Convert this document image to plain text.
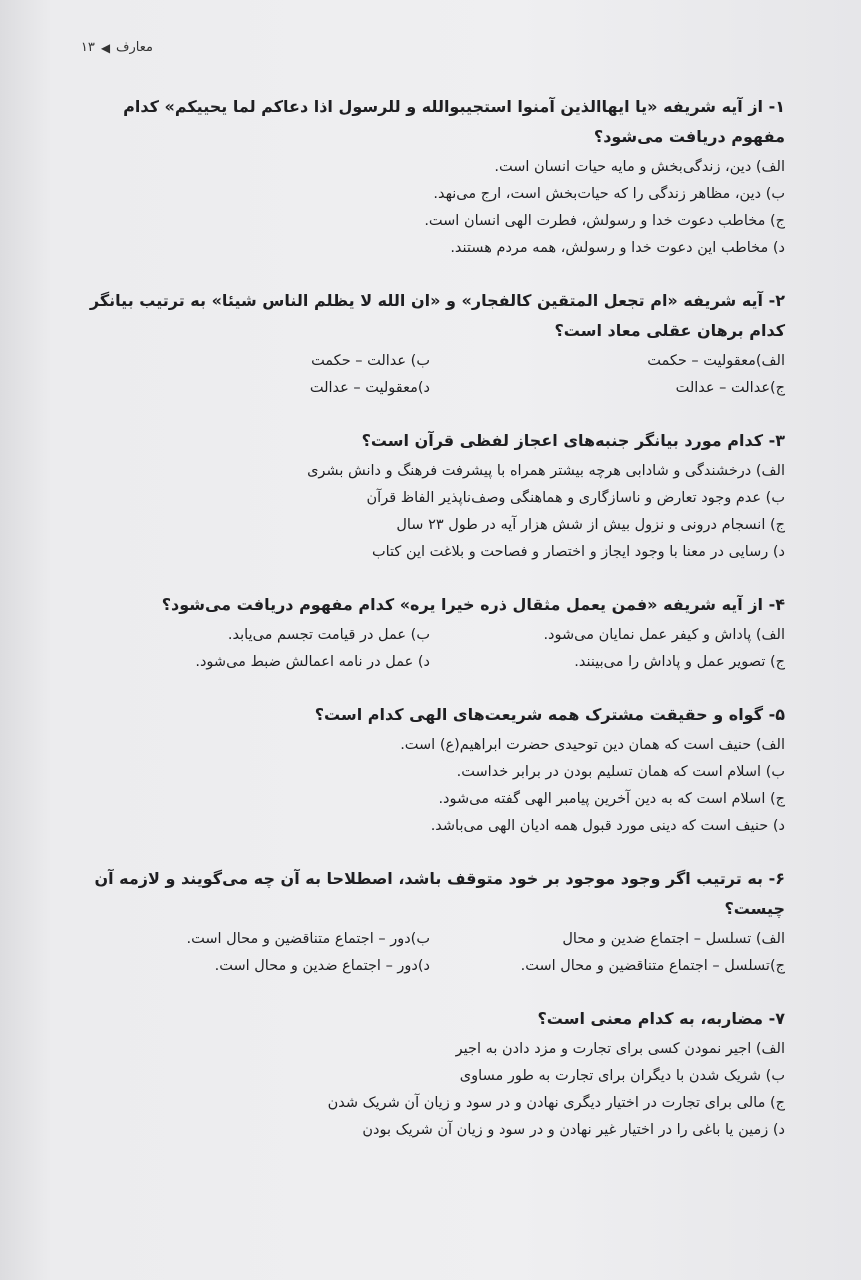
معارف
◀
۱۳

۱- از آیه شریفه «یا ایهاالذین آمنوا استجیبوالله و للرسول اذا دعاکم لما یحییکم» کدام مفهوم دریافت می‌شود؟

الف) دین، زندگی‌بخش و مایه حیات انسان است.

ب) دین، مظاهر زندگی را که حیات‌بخش است، ارج می‌نهد.

ج) مخاطب دعوت خدا و رسولش، فطرت الهی انسان است.

د) مخاطب این دعوت خدا و رسولش، همه مردم هستند.

۲- آیه شریفه «ام تجعل المتقین کالفجار» و «ان الله لا یظلم الناس شیئا» به ترتیب بیانگر کدام برهان عقلی معاد است؟

الف)معقولیت – حکمت

ب) عدالت – حکمت

ج)عدالت – عدالت

د)معقولیت – عدالت

۳- کدام مورد بیانگر جنبه‌های اعجاز لفظی قرآن است؟

الف) درخشندگی و شادابی هرچه بیشتر همراه با پیشرفت فرهنگ و دانش بشری

ب) عدم وجود تعارض و ناسازگاری و هماهنگی وصف‌ناپذیر الفاظ قرآن

ج) انسجام درونی و نزول بیش از شش هزار آیه در طول ۲۳ سال

د) رسایی در معنا با وجود ایجاز و اختصار و فصاحت و بلاغت این کتاب

۴- از آیه شریفه «فمن یعمل مثقال ذره خیرا یره» کدام مفهوم دریافت می‌شود؟

الف) پاداش و کیفر عمل نمایان می‌شود.

ب) عمل در قیامت تجسم می‌یابد.

ج) تصویر عمل و پاداش را می‌بینند.

د) عمل در نامه اعمالش ضبط می‌شود.

۵- گواه و حقیقت مشترک همه شریعت‌های الهی کدام است؟

الف) حنیف است که همان دین توحیدی حضرت ابراهیم(ع) است.

ب) اسلام است که همان تسلیم بودن در برابر خداست.

ج) اسلام است که به دین آخرین پیامبر الهی گفته می‌شود.

د) حنیف است که دینی مورد قبول همه ادیان الهی می‌باشد.

۶- به ترتیب اگر وجود موجود بر خود متوقف باشد، اصطلاحا به آن چه می‌گویند و لازمه آن چیست؟

الف) تسلسل – اجتماع ضدین و محال

ب)دور – اجتماع متناقضین و محال است.

ج)تسلسل – اجتماع متناقضین و محال است.

د)دور – اجتماع ضدین و محال است.

۷- مضاربه، به کدام معنی است؟

الف) اجیر نمودن کسی برای تجارت و مزد دادن به اجیر

ب) شریک شدن با دیگران برای تجارت به طور مساوی

ج) مالی برای تجارت در اختیار دیگری نهادن و در سود و زیان آن شریک شدن

د) زمین یا باغی را در اختیار غیر نهادن و در سود و زیان آن شریک بودن
